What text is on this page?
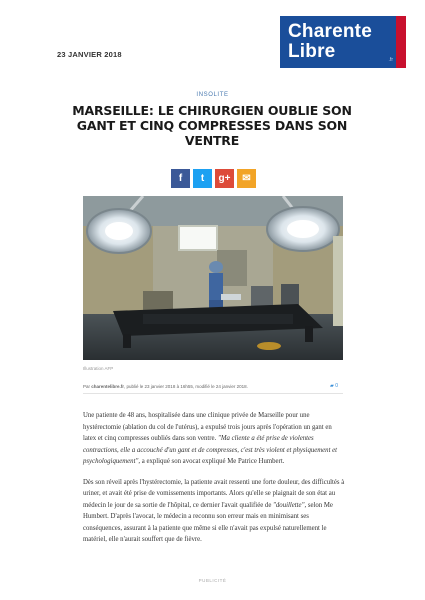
23 JANVIER 2018
Charente
Libre	.fr
INSOLITE
MARSEILLE: LE CHIRURGIEN OUBLIE SON GANT ET CINQ COMPRESSES DANS SON VENTRE
f t g+ ✉
Illustration AFP
Par charentelibre.fr, publié le 23 janvier 2018 à 16h55, modifié le 24 janvier 2018.	▰ 0

Une patiente de 48 ans, hospitalisée dans une clinique privée de Marseille pour une hystérectomie (ablation du col de l'utérus), a expulsé trois jours après l'opération un gant en latex et cinq compresses oubliés dans son ventre. "Ma cliente a été prise de violentes contractions, elle a accouché d'un gant et de compresses, c'est très violent et physiquement et psychologiquement", a expliqué son avocat expliqué Me Patrice Humbert.

Dès son réveil après l'hystérectomie, la patiente avait ressenti une forte douleur, des difficultés à uriner, et avait été prise de vomissements importants. Alors qu'elle se plaignait de son état au médecin le jour de sa sortie de l'hôpital, ce dernier l'avait qualifiée de "douillette", selon Me Humbert. D'après l'avocat, le médecin a reconnu son erreur mais en minimisant ses conséquences, assurant à la patiente que même si elle n'avait pas expulsé naturellement le matériel, elle n'aurait souffert que de fièvre.

PUBLICITÉ
